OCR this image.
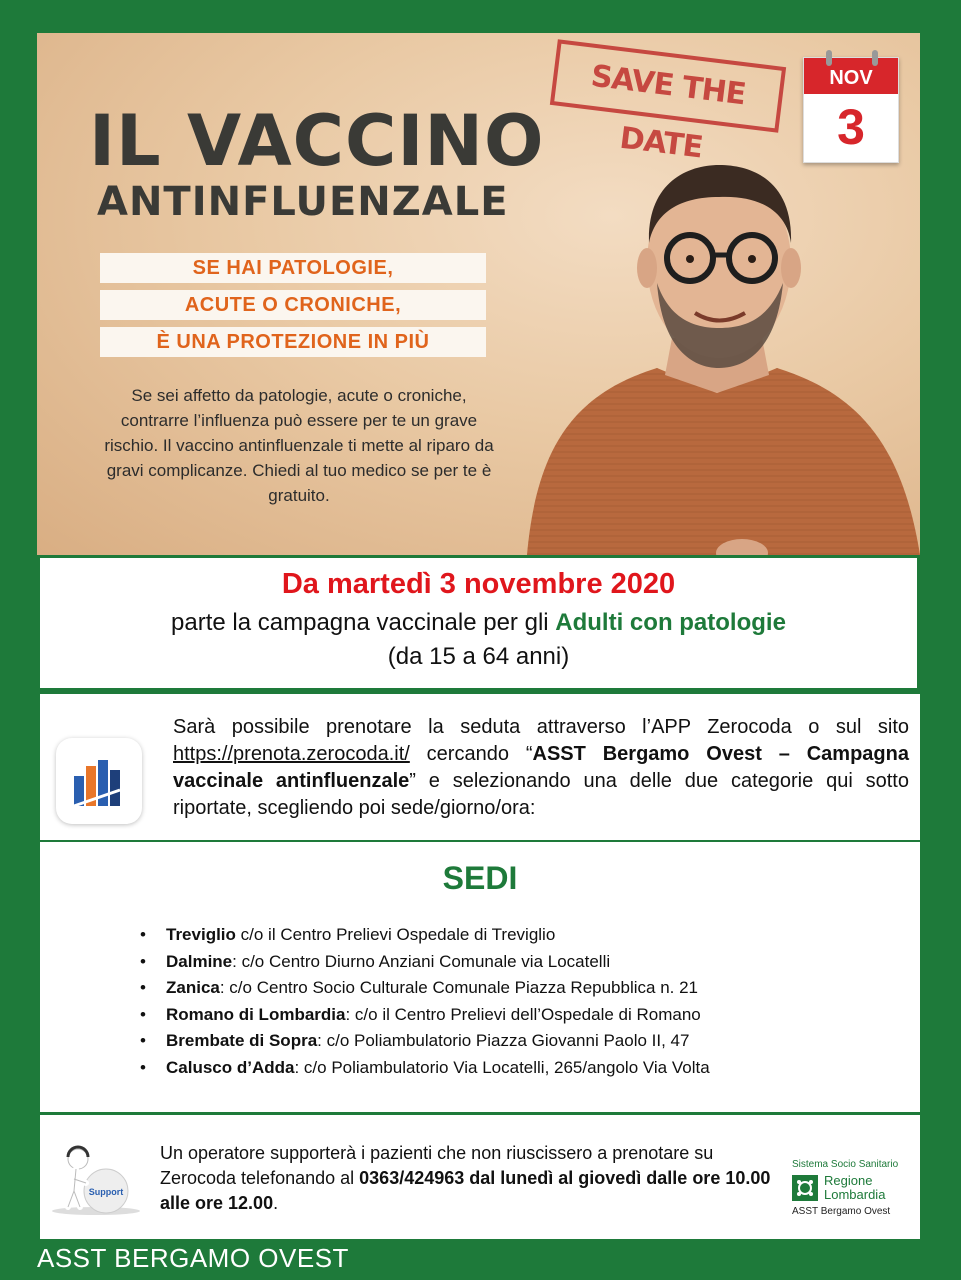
IL VACCINO
ANTINFLUENZALE
SE HAI PATOLOGIE,
ACUTE O CRONICHE,
È UNA PROTEZIONE IN PIÙ
Se sei affetto da patologie, acute o croniche, contrarre l’influenza può essere per te un grave rischio. Il vaccino antinfluenzale ti mette al riparo da gravi complicanze. Chiedi al tuo medico se per te è gratuito.
SAVE THE DATE
NOV
3
Da martedì 3 novembre 2020
parte la campagna vaccinale per gli Adulti con patologie
(da 15 a 64 anni)
Sarà possibile prenotare la seduta attraverso l’APP Zerocoda o sul sito https://prenota.zerocoda.it/ cercando “ASST Bergamo Ovest – Campagna vaccinale antinfluenzale” e selezionando una delle due categorie qui sotto riportate, scegliendo poi sede/giorno/ora:
SEDI
• Treviglio c/o il Centro Prelievi Ospedale di Treviglio
• Dalmine: c/o Centro Diurno Anziani Comunale via Locatelli
• Zanica: c/o Centro Socio Culturale Comunale Piazza Repubblica n. 21
• Romano di Lombardia: c/o il Centro Prelievi dell’Ospedale di Romano
• Brembate di Sopra: c/o Poliambulatorio Piazza Giovanni Paolo II, 47
• Calusco d’Adda: c/o Poliambulatorio Via Locatelli, 265/angolo Via Volta
Support
Un operatore supporterà i pazienti che non riuscissero a prenotare su Zerocoda telefonando al 0363/424963 dal lunedì al giovedì dalle ore 10.00 alle ore 12.00.
Sistema Socio Sanitario
Regione
Lombardia
ASST Bergamo Ovest
ASST BERGAMO OVEST
